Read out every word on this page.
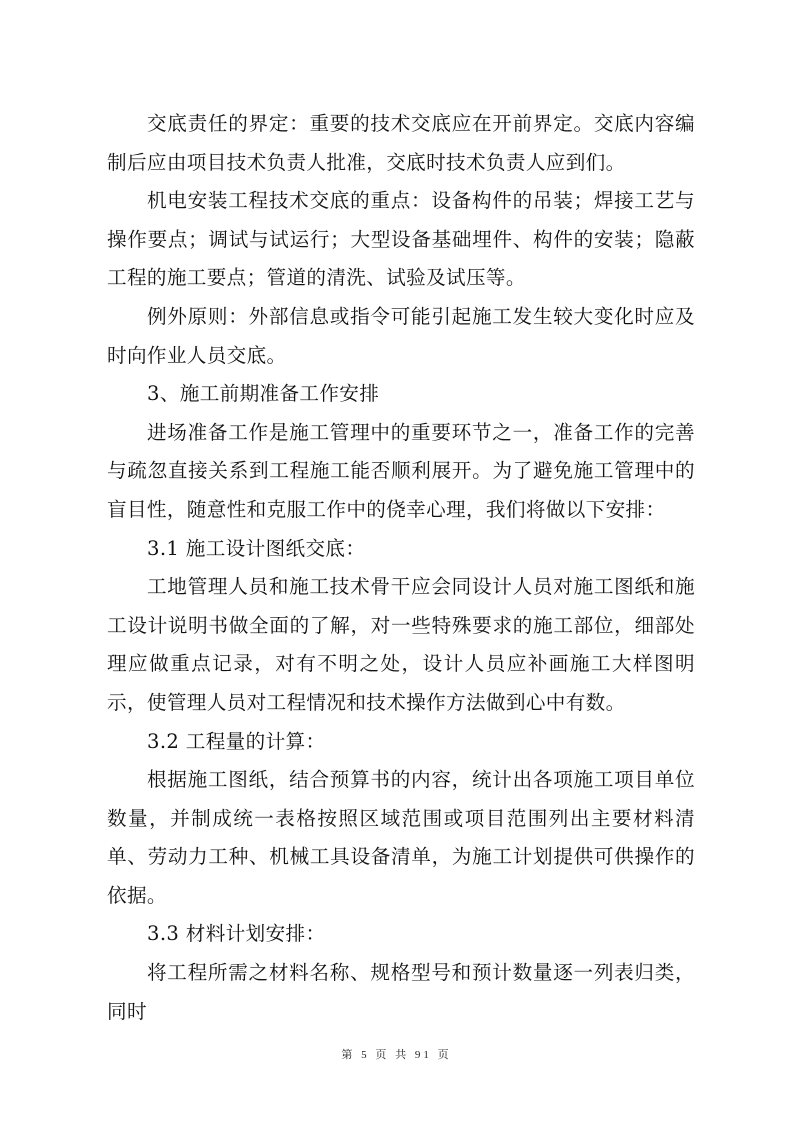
交底责任的界定：重要的技术交底应在开前界定。交底内容编制后应由项目技术负责人批准，交底时技术负责人应到们。

机电安装工程技术交底的重点：设备构件的吊装；焊接工艺与操作要点；调试与试运行；大型设备基础埋件、构件的安装；隐蔽工程的施工要点；管道的清洗、试验及试压等。

例外原则：外部信息或指令可能引起施工发生较大变化时应及时向作业人员交底。

3、施工前期准备工作安排

进场准备工作是施工管理中的重要环节之一，准备工作的完善与疏忽直接关系到工程施工能否顺利展开。为了避免施工管理中的盲目性，随意性和克服工作中的侥幸心理，我们将做以下安排：

3.1 施工设计图纸交底：

工地管理人员和施工技术骨干应会同设计人员对施工图纸和施工设计说明书做全面的了解，对一些特殊要求的施工部位，细部处理应做重点记录，对有不明之处，设计人员应补画施工大样图明示，使管理人员对工程情况和技术操作方法做到心中有数。

3.2 工程量的计算：

根据施工图纸，结合预算书的内容，统计出各项施工项目单位数量，并制成统一表格按照区域范围或项目范围列出主要材料清单、劳动力工种、机械工具设备清单，为施工计划提供可供操作的依据。

3.3 材料计划安排：

将工程所需之材料名称、规格型号和预计数量逐一列表归类，同时

第 5 页 共 91 页
